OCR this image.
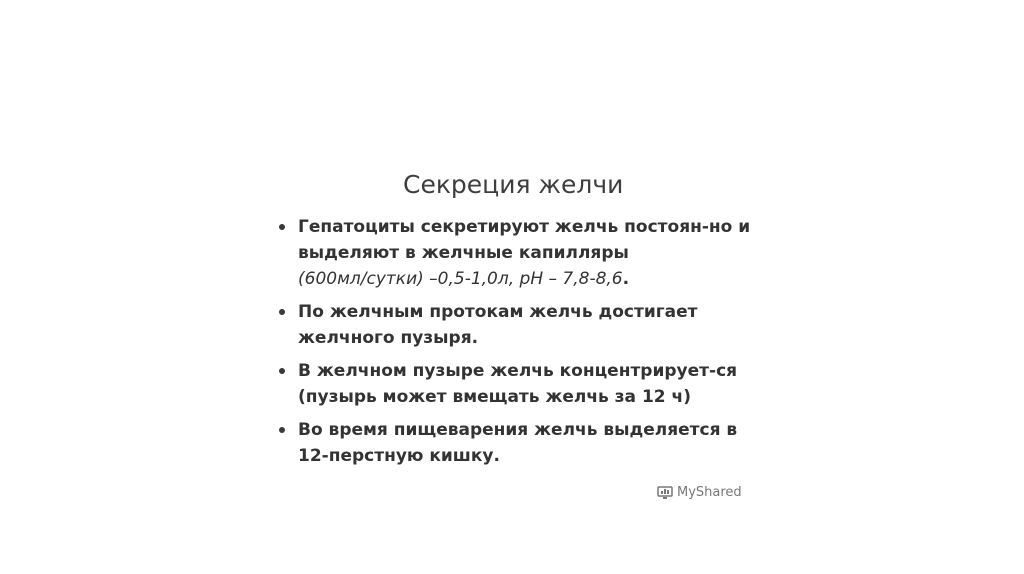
Секреция желчи
Гепатоциты секретируют желчь постоян-но и
выделяют в желчные капилляры
(600мл/сутки) –0,5-1,0л, pH – 7,8-8,6.
По желчным протокам желчь достигает
желчного пузыря.
В желчном пузыре желчь концентрирует-ся
(пузырь может вмещать желчь за 12 ч)
Во время пищеварения желчь выделяется в
12-перстную кишку.
MyShared
